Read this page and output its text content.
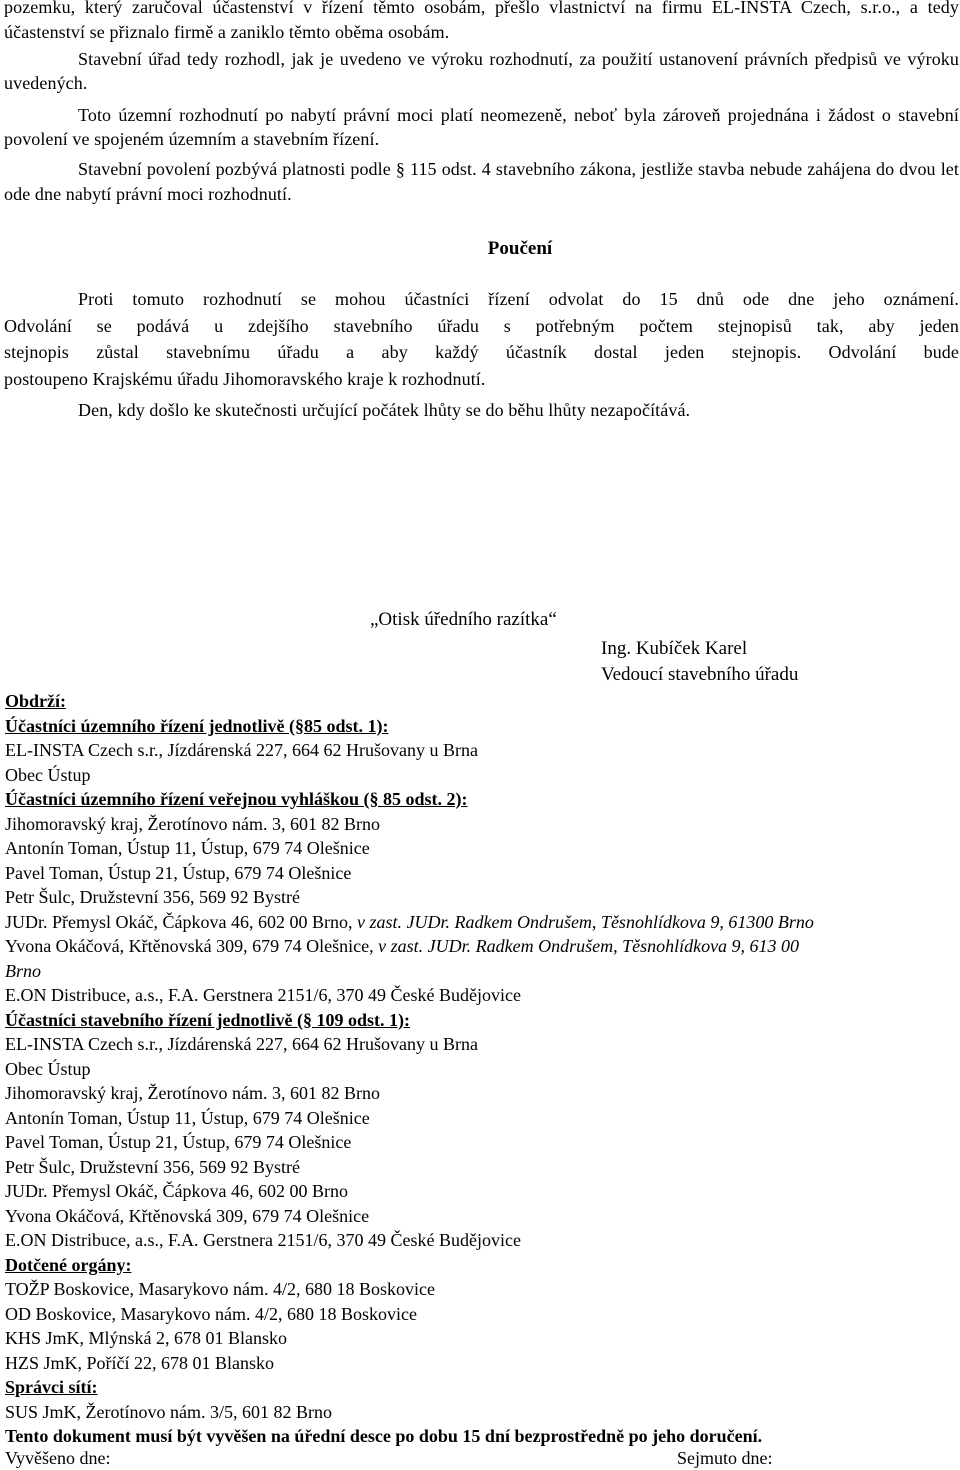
pozemku, který zaručoval účastenství v řízení těmto osobám, přešlo vlastnictví na firmu EL-INSTA Czech, s.r.o., a tedy účastenství se přiznalo firmě a zaniklo těmto oběma osobám.
Stavební úřad tedy rozhodl, jak je uvedeno ve výroku rozhodnutí, za použití ustanovení právních předpisů ve výroku uvedených.
Toto územní rozhodnutí po nabytí právní moci platí neomezeně, neboť byla zároveň projednána i žádost o stavební povolení ve spojeném územním a stavebním řízení.
Stavební povolení pozbývá platnosti podle § 115 odst. 4 stavebního zákona, jestliže stavba nebude zahájena do dvou let ode dne nabytí právní moci rozhodnutí.
Poučení
Proti tomuto rozhodnutí se mohou účastníci řízení odvolat do 15 dnů ode dne jeho oznámení.
Odvolání se podává u zdejšího stavebního úřadu s potřebným počtem stejnopisů tak, aby jeden
stejnopis zůstal stavebnímu úřadu a aby každý účastník dostal jeden stejnopis. Odvolání bude
postoupeno Krajskému úřadu Jihomoravského kraje k rozhodnutí.
Den, kdy došlo ke skutečnosti určující počátek lhůty se do běhu lhůty nezapočítává.
„Otisk úředního razítka“
Ing. Kubíček Karel
Vedoucí stavebního úřadu
Obdrží:
Účastníci územního řízení jednotlivě (§85 odst. 1):
EL-INSTA Czech s.r., Jízdárenská 227, 664 62 Hrušovany u Brna
Obec Ústup
Účastníci územního řízení veřejnou vyhláškou (§ 85 odst. 2):
Jihomoravský kraj, Žerotínovo nám. 3, 601 82 Brno
Antonín Toman, Ústup 11, Ústup, 679 74 Olešnice
Pavel Toman, Ústup 21, Ústup, 679 74 Olešnice
Petr Šulc, Družstevní 356, 569 92 Bystré
JUDr. Přemysl Okáč, Čápkova 46, 602 00 Brno, v zast. JUDr. Radkem Ondrušem, Těsnohlídkova 9, 61300 Brno
Yvona Okáčová, Křtěnovská 309, 679 74 Olešnice, v zast. JUDr. Radkem Ondrušem, Těsnohlídkova 9, 613 00
Brno
E.ON Distribuce, a.s., F.A. Gerstnera 2151/6, 370 49 České Budějovice
Účastníci stavebního řízení jednotlivě (§ 109 odst. 1):
EL-INSTA Czech s.r., Jízdárenská 227, 664 62 Hrušovany u Brna
Obec Ústup
Jihomoravský kraj, Žerotínovo nám. 3, 601 82 Brno
Antonín Toman, Ústup 11, Ústup, 679 74 Olešnice
Pavel Toman, Ústup 21, Ústup, 679 74 Olešnice
Petr Šulc, Družstevní 356, 569 92 Bystré
JUDr. Přemysl Okáč, Čápkova 46, 602 00 Brno
Yvona Okáčová, Křtěnovská 309, 679 74 Olešnice
E.ON Distribuce, a.s., F.A. Gerstnera 2151/6, 370 49 České Budějovice
Dotčené orgány:
TOŽP Boskovice, Masarykovo nám. 4/2, 680 18 Boskovice
OD Boskovice, Masarykovo nám. 4/2, 680 18 Boskovice
KHS JmK, Mlýnská 2, 678 01 Blansko
HZS JmK, Poříčí 22, 678 01 Blansko
Správci sítí:
SUS JmK, Žerotínovo nám. 3/5, 601 82 Brno
Tento dokument musí být vyvěšen na úřední desce po dobu 15 dní bezprostředně po jeho doručení.
Vyvěšeno dne:	Sejmuto dne:
